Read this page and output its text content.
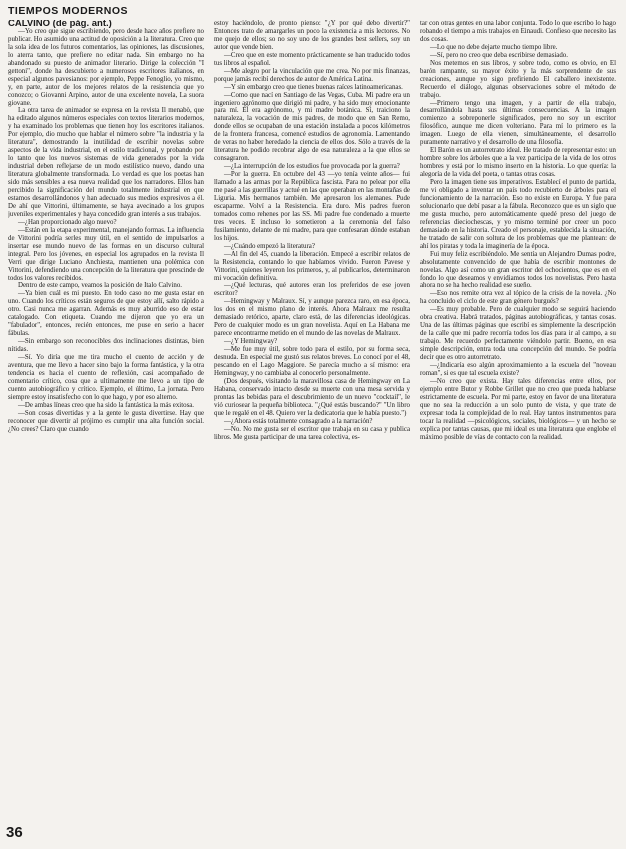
TIEMPOS MODERNOS

CALVINO (de pág. ant.)

—Yo creo que sigue escribiendo, pero desde hace años prefiere no publicar. Ho asumido una actitud de oposición a la literatura. Creo que la sola idea de los futuros comentarios, las opiniones, las discusiones, lo aterra tanto, que prefiere no editar nada. Sin embargo no ha abandonado su puesto de animador literario. Dirige la colección "I gettoni", donde ha descubierto a numerosos escritores italianos, en especial algunos pavesianos: por ejemplo, Peppe Fenoglio, yo mismo, y, en parte, autor de los mejores relatos de la resistencia que yo conozco; o Giovanni Arpino, autor de una excelente novela, La suora giovane.

La otra tarea de animador se expresa en la revista Il menabò, que ha editado algunos números especiales con textos literarios modernos, y ha examinado los problemas que tienen hoy los escritores italianos. Por ejemplo, dio mucho que hablar el número sobre "la industria y la literatura", demostrando la inutilidad de escribir novelas sobre aspectos de la vida industrial, en el estilo tradicional, y probando por lo tanto que los nuevos sistemas de vida generados por la vida industrial deben reflejarse de un modo estilístico nuevo, dando una literatura globalmente transformada. Lo verdad es que los poetas han sido más sensibles a esa nueva realidad que los narradores. Ellos han percibido la significación del mundo totalmente industrial en que estamos desarrollándonos y han adecuado sus medios expresivos a él. De ahí que Vittorini, últimamente, se haya avecinado a los grupos juveniles experimentales y haya concedido gran interés a sus trabajos.

—¿Han proporcionado algo nuevo?

—Están en la etapa experimental, manejando formas. La influencia de Vittorini podría serles muy útil, en el sentido de impulsarlos a insertar ese mundo nuevo de las formas en un discurso cultural integral. Pero los jóvenes, en especial los agrupados en la revista Il Verri que dirige Luciano Anchiesta, mantienen una polémica con Vittorini, defendiendo una concepción de la literatura que prescinde de todos los valores recibidos.

Dentro de este campo, veamos la posición de Italo Calvino.

—Ya bien cuál es mi puesto. En todo caso no me gusta estar en uno. Cuando los críticos están seguros de que estoy allí, salto rápido a otro. Casi nunca me agarran. Además es muy aburrido eso de estar catalogado. Con etiqueta. Cuando me dijeron que yo era un "fabulador", entonces, recién entonces, me puse en serio a hacer fábulas.

—Sin embargo son reconocibles dos inclinaciones distintas, bien nítidas.

—Sí. Yo diría que me tira mucho el cuento de acción y de aventura, que me llevo a hacer sino bajo la forma fantástica, y la otra tendencia es hacia el cuento de reflexión, casi acompañado de comentario crítico, cosa que a ultimamente me llevo a un tipo de cuento autobiográfico y crítico. Ejemplo, el último, La jornata. Pero siempre estoy insatisfecho con lo que hago, y por eso alterno.

—De ambas líneas creo que ha sido la fantástica la más exitosa.

—Son cosas divertidas y a la gente le gusta divertirse. Hay que reconocer que divertir al prójimo es cumplir una alta función social. ¿No crees? Claro que cuando

estoy haciéndolo, de pronto pienso: "¿Y por qué debo divertir?" Entonces trato de amargarles un poco la existencia a mis lectores. No me quejo de ellos; so no soy uno de los grandes best sellers, soy un autor que vende bien.

—Creo que en este momento prácticamente se han traducido todos tus libros al español.

—Me alegro por la vinculación que me crea. No por mis finanzas, porque jamás recibí derechos de autor de América Latina.

—Y sin embargo creo que tienes buenas raíces latinoamericanas.

—Como que nací en Santiago de las Vegas, Cuba. Mi padre era un ingeniero agrónomo que dirigió mi padre, y ha sido muy emocionante para mí. Él era agrónomo, y mi madre botánica. Sí, traiciono la naturaleza, la vocación de mis padres, de modo que en San Remo, donde ellos se ocupaban de una estación instalada a pocos kilómetros de la frontera francesa, comencé estudios de agronomía. Lamentando de veras no haber heredado la ciencia de ellos dos. Sólo a través de la literatura he podido recobrar algo de esa naturaleza a la que ellos se consagraron.

—¿La interrupción de los estudios fue provocada por la guerra?

—Por la guerra. En octubre del 43 —yo tenía veinte años— fui llamado a las armas por la República fascista. Para no pelear por ella me pasé a las guerrillas y actué en las que operaban en las montañas de Liguria. Mis hermanos también. Me apresaron los alemanes. Pude escaparme. Volví a la Resistencia. Era duro. Mis padres fueron tomados como rehenes por las SS. Mi padre fue condenado a muerte tres veces. E incluso lo sometieron a la ceremonia del falso fusilamiento, delante de mi madre, para que confesaran dónde estaban los hijos.

—¿Cuándo empezó la literatura?

—Al fin del 45, cuando la liberación. Empecé a escribir relatos de la Resistencia, contando lo que habíamos vivido. Fueron Pavese y Vittorini, quienes leyeron los primeros, y, al publicarlos, determinaron mi vocación definitiva.

—¿Qué lecturas, qué autores eran los preferidos de ese joven escritor?

—Hemingway y Malraux. Sí, y aunque parezca raro, en esa época, los dos en el mismo plano de interés. Ahora Malraux me resulta demasiado retórico, aparte, claro está, de las diferencias ideológicas. Pero de cualquier modo es un gran novelista. Aquí en La Habana me parece encontrarme metido en el mundo de las novelas de Malraux.

—¿Y Hemingway?

—Me fue muy útil, sobre todo para el estilo, por su forma seca, desnuda. En especial me gustó sus relatos breves. Lo conocí por el 48, pescando en el Lago Maggiore. Se parecía mucho a sí mismo: era Hemingway, y no cambiaba al conocerlo personalmente.

(Dos después, visitando la maravillosa casa de Hemingway en La Habana, conservado intacto desde su muerte con una mesa servida y prontas las bebidas para el descubrimiento de un nuevo "cocktail", le vió curiosear la pequeña biblioteca. "¿Qué estás buscando?" "Un libro que le regalé en el 48. Quiero ver la dedicatoria que le había puesto.")

—¿Ahora estás totalmente consagrado a la narración?

—No. No me gusta ser el escritor que trabaja en su casa y publica libros. Me gusta participar de una tarea colectiva, es-

tar con otras gentes en una labor conjunta. Todo lo que escribo lo hago robando el tiempo a mis trabajos en Einaudi. Confieso que necesito las dos cosas.

—Lo que no debe dejarte mucho tiempo libre.

—Sí, pero no creo que deba escribirse demasiado.

Nos metemos en sus libros, y sobre todo, como es obvio, en El barón rampante, su mayor éxito y la más sorprendente de sus creaciones, aunque yo sigo prefiriendo El caballero inexistente. Recuerdo el diálogo, algunas observaciones sobre el método de trabajo.

—Primero tengo una imagen, y a partir de ella trabajo, desarrollándola hasta sus últimas consecuencias. A la imagen comienzo a sobreponerle significados, pero no soy un escritor filosófico, aunque me dicen volteriano. Para mí lo primero es la imagen. Luego de ella vienen, simultáneamente, el desarrollo puramente narrativo y el desarrollo de una filosofía.

El Barón es un autorretrato ideal. He tratado de representar esto: un hombre sobre los árboles que a la vez participa de la vida de los otros hombres y está por lo mismo inserto en la historia. Lo que quería: la alegoría de la vida del poeta, o tantas otras cosas.

Pero la imagen tiene sus imperativos. Establecí el punto de partida, me vi obligado a inventar un país todo recubierto de árboles para el funcionamiento de la narración. Eso no existe en Europa. Y fue para solucionarlo que debí pasar a la fábula. Reconozco que es un siglo que me gusta mucho, pero automáticamente quedé preso del juego de referencias dieciochescas, y yo mismo terminé por creer un poco demasiado en la historia. Creado el personaje, establecida la situación, he tratado de salir con soltura de los problemas que me plantean: de ahí los piratas y toda la imaginería de la época.

Fui muy feliz escribiéndolo. Me sentía un Alejandro Dumas podre, absolutamente convencido de que había de escribir montones de novelas. Algo así como un gran escritor del ochocientos, que es en el fondo lo que deseamos y envidiamos todos los novelistas. Pero hasta ahora no se ha hecho realidad ese sueño.

—Eso nos remite otra vez al tópico de la crisis de la novela. ¿No ha concluido el ciclo de este gran género burgués?

—Es muy probable. Pero de cualquier modo se seguirá haciendo obra creativa. Habrá tratados, páginas autobiográficas, y tantas cosas. Una de las últimas páginas que escribí es simplemente la descripción de la calle que mi padre recorría todos los días para ir al campo, a su trabajo. Me recuerdo perfectamente viéndolo partir. Bueno, en esa simple descripción, entra toda una concepción del mundo. Se podría decir que es otro autorretrato.

—¿Indicaría eso algún aproximamiento a la escuela del "noveau roman", si es que tal escuela existe?

—No creo que exista. Hay tales diferencias entre ellos, por ejemplo entre Butor y Robbe Grillet que no creo que pueda hablarse estrictamente de escuela. Por mi parte, estoy en favor de una literatura que no sea la reducción a un solo punto de vista, y que trate de expresar toda la complejidad de lo real. Hay tantos instrumentos para tocar la realidad —psicológicos, sociales, biológicos— y un hecho se explica por tantas causas, que mi ideal es una literatura que englobe el máximo posible de vías de contacto con la realidad.

36
